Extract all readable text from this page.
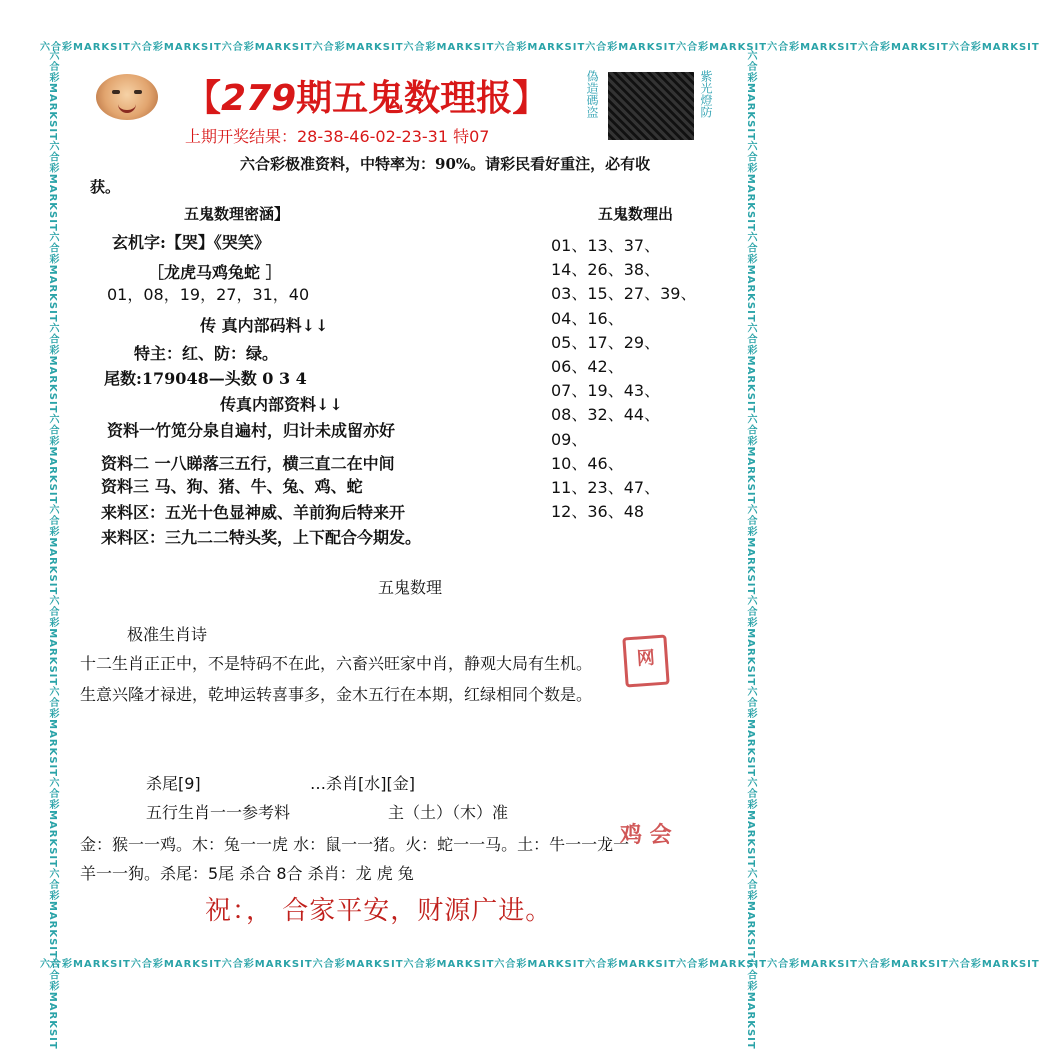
六合彩MARKSIT六合彩MARKSIT六合彩MARKSIT六合彩MARKSIT六合彩MARKSIT六合彩MARKSIT六合彩MARKSIT六合彩MARKSIT六合彩MARKSIT六合彩MARKSIT六合彩MARKSIT
六合彩MARKSIT六合彩MARKSIT六合彩MARKSIT六合彩MARKSIT六合彩MARKSIT六合彩MARKSIT六合彩MARKSIT六合彩MARKSIT六合彩MARKSIT六合彩MARKSIT六合彩MARKSIT
六合彩MARKSIT六合彩MARKSIT六合彩MARKSIT六合彩MARKSIT六合彩MARKSIT六合彩MARKSIT六合彩MARKSIT六合彩MARKSIT六合彩MARKSIT六合彩MARKSIT六合彩MARKSIT	六合彩MARKSIT六合彩MARKSIT六合彩MARKSIT六合彩MARKSIT六合彩MARKSIT六合彩MARKSIT六合彩MARKSIT六合彩MARKSIT六合彩MARKSIT六合彩MARKSIT六合彩MARKSIT
【279期五鬼数理报】	偽造碼盗	紫光燈防
上期开奖结果：28-38-46-02-23-31 特07
六合彩极准资料，中特率为：90%。请彩民看好重注，必有收
获。
五鬼数理密涵】	五鬼数理出
玄机字:【哭】《哭笑》
［龙虎马鸡兔蛇 ］
01，08，19，27，31，40
传 真内部码料↓↓
特主：红、防：绿。
尾数:179048—头数 0 3 4
传真内部资料↓↓
资料一竹笕分泉自遍村，归计未成留亦好
资料二 一八睇落三五行，横三直二在中间
资料三 马、狗、猪、牛、兔、鸡、蛇
来料区：五光十色显神威、羊前狗后特来开
来料区：三九二二特头奖，上下配合今期发。
01、13、37、
14、26、38、
03、15、27、39、
04、16、
05、17、29、
06、42、
07、19、43、
08、32、44、
09、
10、46、
11、23、47、
12、36、48
五鬼数理
极准生肖诗
十二生肖正正中，不是特码不在此，六畜兴旺家中肖，静观大局有生机。
生意兴隆才禄进，乾坤运转喜事多，金木五行在本期，红绿相同个数是。
网
杀尾[9]	…杀肖[水][金]
五行生肖一一参考料	主（土）（木）准
金：猴一一鸡。木：兔一一虎 水：鼠一一猪。火：蛇一一马。土：牛一一龙一
羊一一狗。杀尾：5尾 杀合 8合 杀肖：龙 虎 兔
鸡 会
祝：， 合家平安，财源广进。
